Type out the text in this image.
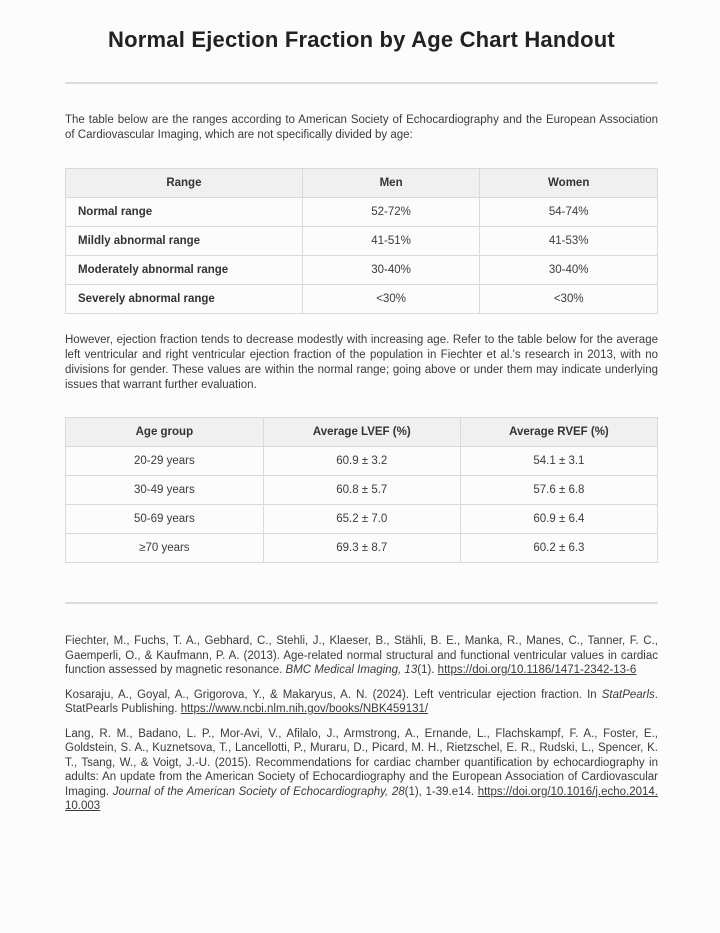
Normal Ejection Fraction by Age Chart Handout

The table below are the ranges according to American Society of Echocardiography and the European Association of Cardiovascular Imaging, which are not specifically divided by age:

Range	Men	Women
Normal range	52-72%	54-74%
Mildly abnormal range	41-51%	41-53%
Moderately abnormal range	30-40%	30-40%
Severely abnormal range	<30%	<30%

However, ejection fraction tends to decrease modestly with increasing age. Refer to the table below for the average left ventricular and right ventricular ejection fraction of the population in Fiechter et al.'s research in 2013, with no divisions for gender. These values are within the normal range; going above or under them may indicate underlying issues that warrant further evaluation.

Age group	Average LVEF (%)	Average RVEF (%)
20-29 years	60.9 ± 3.2	54.1 ± 3.1
30-49 years	60.8 ± 5.7	57.6 ± 6.8
50-69 years	65.2 ± 7.0	60.9 ± 6.4
≥70 years	69.3 ± 8.7	60.2 ± 6.3

Fiechter, M., Fuchs, T. A., Gebhard, C., Stehli, J., Klaeser, B., Stähli, B. E., Manka, R., Manes, C., Tanner, F. C., Gaemperli, O., & Kaufmann, P. A. (2013). Age-related normal structural and functional ventricular values in cardiac function assessed by magnetic resonance. BMC Medical Imaging, 13(1). https://doi.org/10.1186/1471-2342-13-6

Kosaraju, A., Goyal, A., Grigorova, Y., & Makaryus, A. N. (2024). Left ventricular ejection fraction. In StatPearls. StatPearls Publishing. https://www.ncbi.nlm.nih.gov/books/NBK459131/

Lang, R. M., Badano, L. P., Mor-Avi, V., Afilalo, J., Armstrong, A., Ernande, L., Flachskampf, F. A., Foster, E., Goldstein, S. A., Kuznetsova, T., Lancellotti, P., Muraru, D., Picard, M. H., Rietzschel, E. R., Rudski, L., Spencer, K. T., Tsang, W., & Voigt, J.-U. (2015). Recommendations for cardiac chamber quantification by echocardiography in adults: An update from the American Society of Echocardiography and the European Association of Cardiovascular Imaging. Journal of the American Society of Echocardiography, 28(1), 1-39.e14. https://doi.org/10.1016/j.echo.2014.10.003
